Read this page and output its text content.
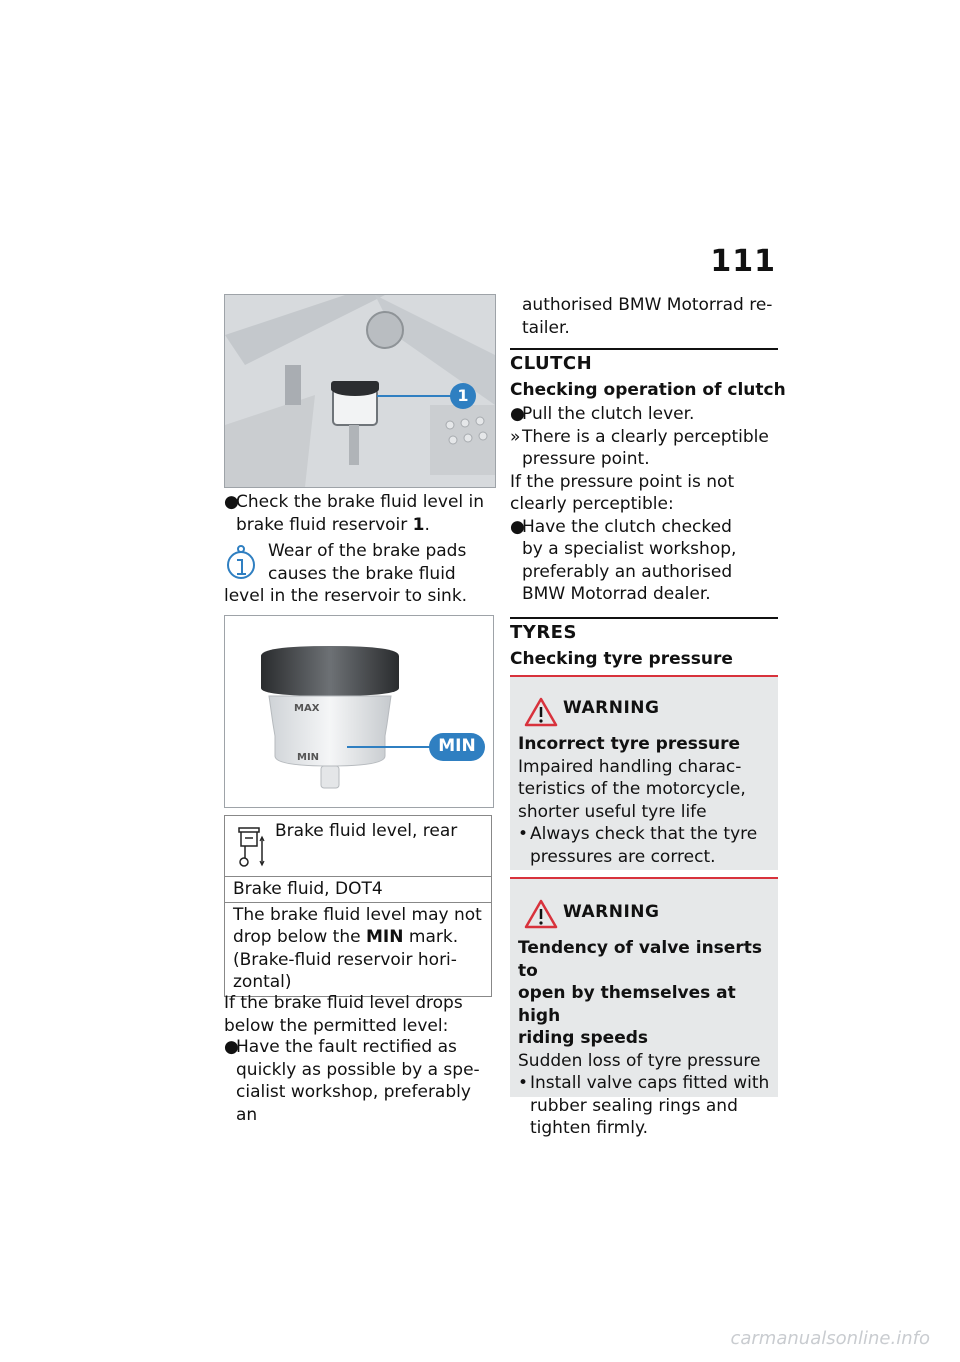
111
1
●
Check the brake fluid level in
brake fluid reservoir 1.
Wear of the brake pads
causes the brake fluid
level in the reservoir to sink.
MAX
MIN
MIN
Brake fluid level, rear
Brake fluid, DOT4
The brake fluid level may not
drop below the MIN mark.
(Brake-fluid reservoir hori-
zontal)
If the brake fluid level drops
below the permitted level:
●
Have the fault rectified as
quickly as possible by a spe-
cialist workshop, preferably an
authorised BMW Motorrad re-
tailer.
CLUTCH
Checking operation of clutch
●
Pull the clutch lever.
» There is a clearly perceptible
pressure point.
If the pressure point is not
clearly perceptible:
●
Have the clutch checked
by a specialist workshop,
preferably an authorised
BMW Motorrad dealer.
TYRES
Checking tyre pressure
WARNING
Incorrect tyre pressure
Impaired handling charac-
teristics of the motorcycle,
shorter useful tyre life
• Always check that the tyre
pressures are correct.
WARNING
Tendency of valve inserts to
open by themselves at high
riding speeds
Sudden loss of tyre pressure
• Install valve caps fitted with
rubber sealing rings and
tighten firmly.
carmanualsonline.info
